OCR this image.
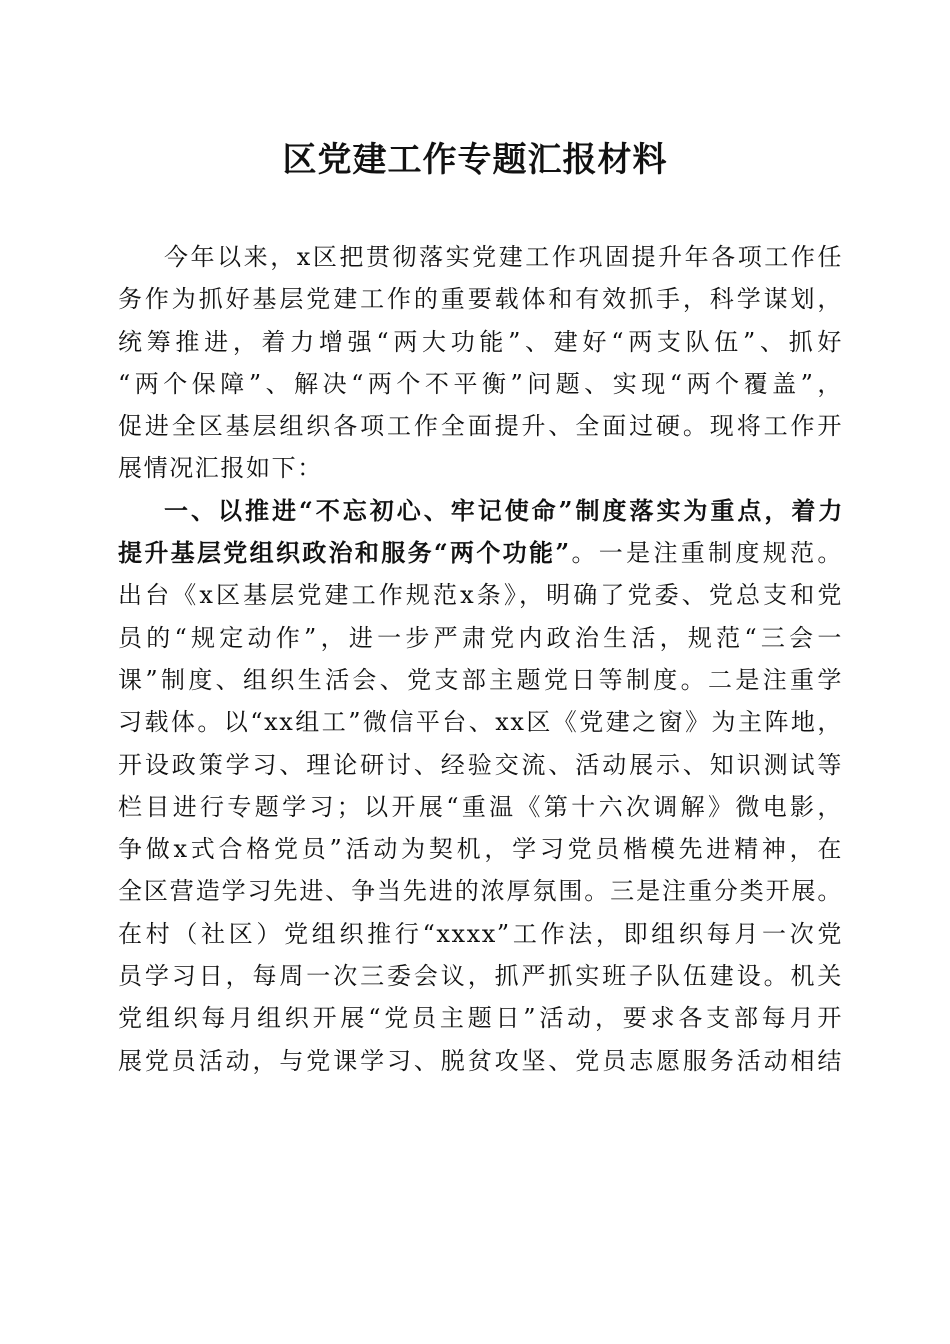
区党建工作专题汇报材料
今年以来，x区把贯彻落实党建工作巩固提升年各项工作任
务作为抓好基层党建工作的重要载体和有效抓手，科学谋划，
统筹推进，着力增强“两大功能”、建好“两支队伍”、抓好
“两个保障”、解决“两个不平衡”问题、实现“两个覆盖”，
促进全区基层组织各项工作全面提升、全面过硬。现将工作开
展情况汇报如下：
一、以推进“不忘初心、牢记使命”制度落实为重点，着力
提升基层党组织政治和服务“两个功能”。一是注重制度规范。
出台《x区基层党建工作规范x条》，明确了党委、党总支和党
员的“规定动作”，进一步严肃党内政治生活，规范“三会一
课”制度、组织生活会、党支部主题党日等制度。二是注重学
习载体。以“xx组工”微信平台、xx区《党建之窗》为主阵地，
开设政策学习、理论研讨、经验交流、活动展示、知识测试等
栏目进行专题学习；以开展“重温《第十六次调解》微电影，
争做x式合格党员”活动为契机，学习党员楷模先进精神，在
全区营造学习先进、争当先进的浓厚氛围。三是注重分类开展。
在村（社区）党组织推行“xxxx”工作法，即组织每月一次党
员学习日，每周一次三委会议，抓严抓实班子队伍建设。机关
党组织每月组织开展“党员主题日”活动，要求各支部每月开
展党员活动，与党课学习、脱贫攻坚、党员志愿服务活动相结
